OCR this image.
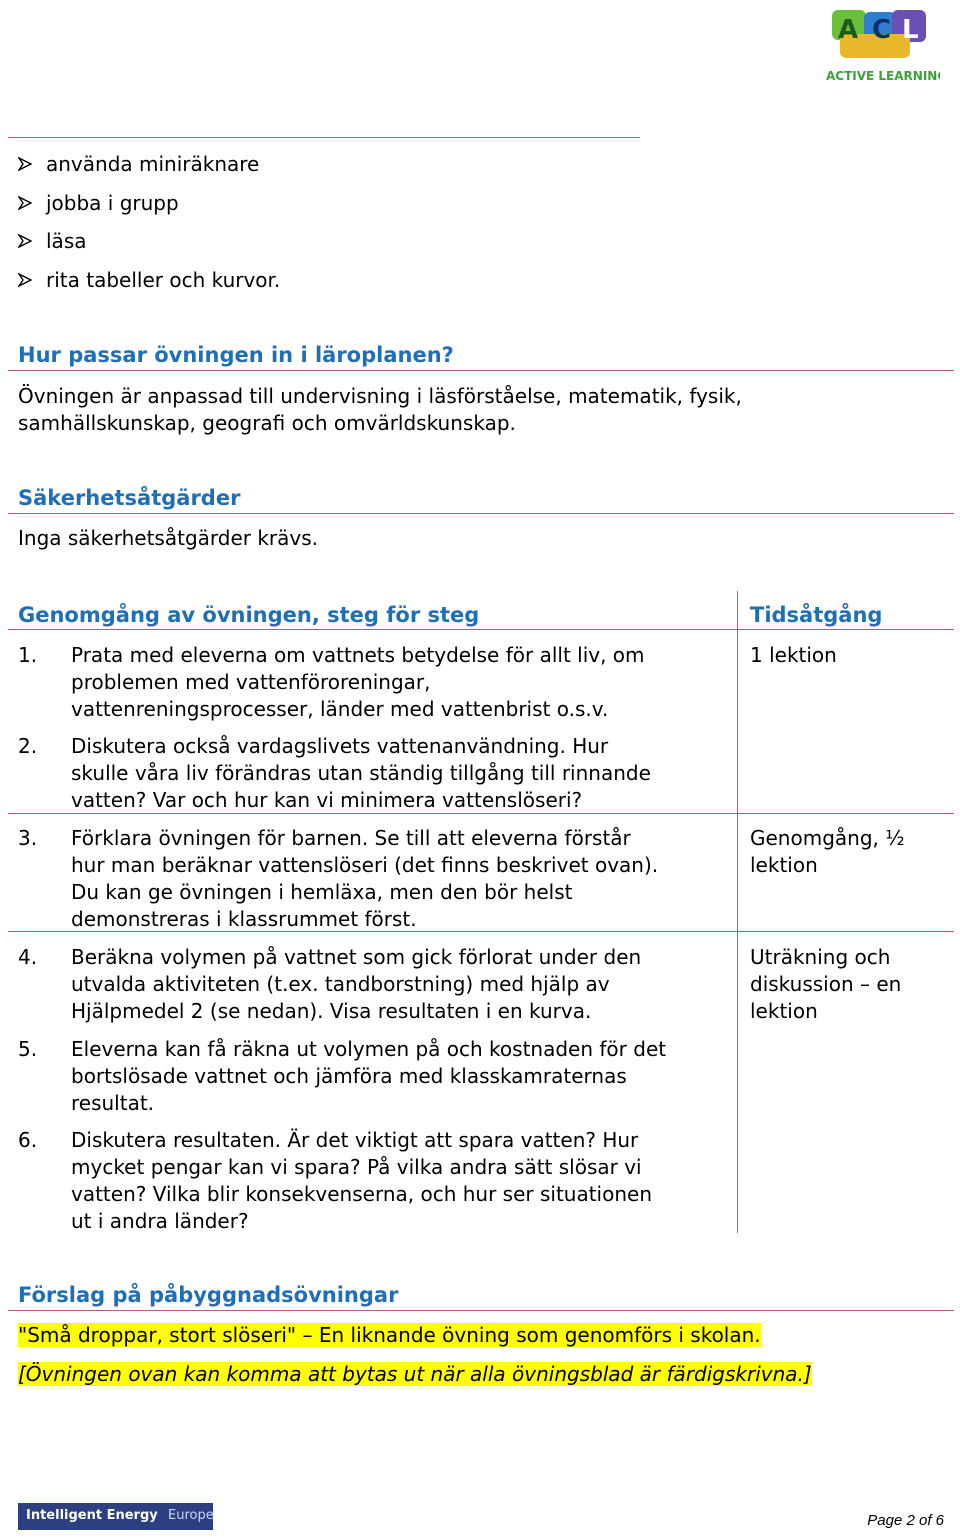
A C L
ACTIVE LEARNING
använda miniräknare
jobba i grupp
läsa
rita tabeller och kurvor.
Hur passar övningen in i läroplanen?
Övningen är anpassad till undervisning i läsförståelse, matematik, fysik,
samhällskunskap, geografi och omvärldskunskap.
Säkerhetsåtgärder
Inga säkerhetsåtgärder krävs.
Genomgång av övningen, steg för steg	Tidsåtgång
1. Prata med eleverna om vattnets betydelse för allt liv, om
problemen med vattenföroreningar,
vattenreningsprocesser, länder med vattenbrist o.s.v.
2. Diskutera också vardagslivets vattenanvändning. Hur
skulle våra liv förändras utan ständig tillgång till rinnande
vatten? Var och hur kan vi minimera vattenslöseri?
3. Förklara övningen för barnen. Se till att eleverna förstår
hur man beräknar vattenslöseri (det finns beskrivet ovan).
Du kan ge övningen i hemläxa, men den bör helst
demonstreras i klassrummet först.
4. Beräkna volymen på vattnet som gick förlorat under den
utvalda aktiviteten (t.ex. tandborstning) med hjälp av
Hjälpmedel 2 (se nedan). Visa resultaten i en kurva.
5. Eleverna kan få räkna ut volymen på och kostnaden för det
bortslösade vattnet och jämföra med klasskamraternas
resultat.
6. Diskutera resultaten. Är det viktigt att spara vatten? Hur
mycket pengar kan vi spara? På vilka andra sätt slösar vi
vatten? Vilka blir konsekvenserna, och hur ser situationen
ut i andra länder?
1 lektion
Genomgång, ½
lektion
Uträkning och
diskussion – en
lektion
Förslag på påbyggnadsövningar
"Små droppar, stort slöseri" – En liknande övning som genomförs i skolan.
[Övningen ovan kan komma att bytas ut när alla övningsblad är färdigskrivna.]
Intelligent Energy Europe	Page 2 of 6
